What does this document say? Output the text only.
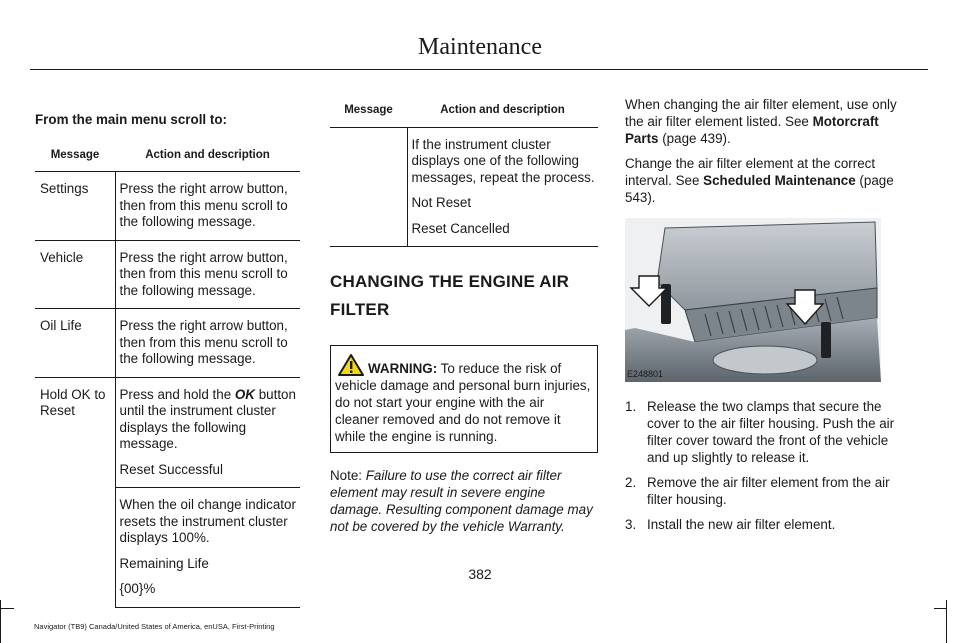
Maintenance
From the main menu scroll to:
Message	Action and description
Settings	Press the right arrow button, then from this menu scroll to the following message.
Vehicle	Press the right arrow button, then from this menu scroll to the following message.
Oil Life	Press the right arrow button, then from this menu scroll to the following message.
Hold OK to Reset	Press and hold the OK button until the instrument cluster displays the following message.
Reset Successful

	When the oil change indicator resets the instrument cluster displays 100%.
Remaining Life
{00}%
Message	Action and description

	If the instrument cluster displays one of the following messages, repeat the process.
Not Reset
Reset Cancelled
CHANGING THE ENGINE AIR
FILTER
WARNING: To reduce the risk of vehicle damage and personal burn injuries, do not start your engine with the air cleaner removed and do not remove it while the engine is running.
Note: Failure to use the correct air filter element may result in severe engine damage. Resulting component damage may not be covered by the vehicle Warranty.

When changing the air filter element, use only the air filter element listed. See Motorcraft Parts (page 439).

Change the air filter element at the correct interval. See Scheduled Maintenance (page 543).

E248801
1. Release the two clamps that secure the cover to the air filter housing. Push the air filter cover toward the front of the vehicle and up slightly to release it.
2. Remove the air filter element from the air filter housing.
3. Install the new air filter element.
382
Navigator (TB9) Canada/United States of America, enUSA, First-Printing
